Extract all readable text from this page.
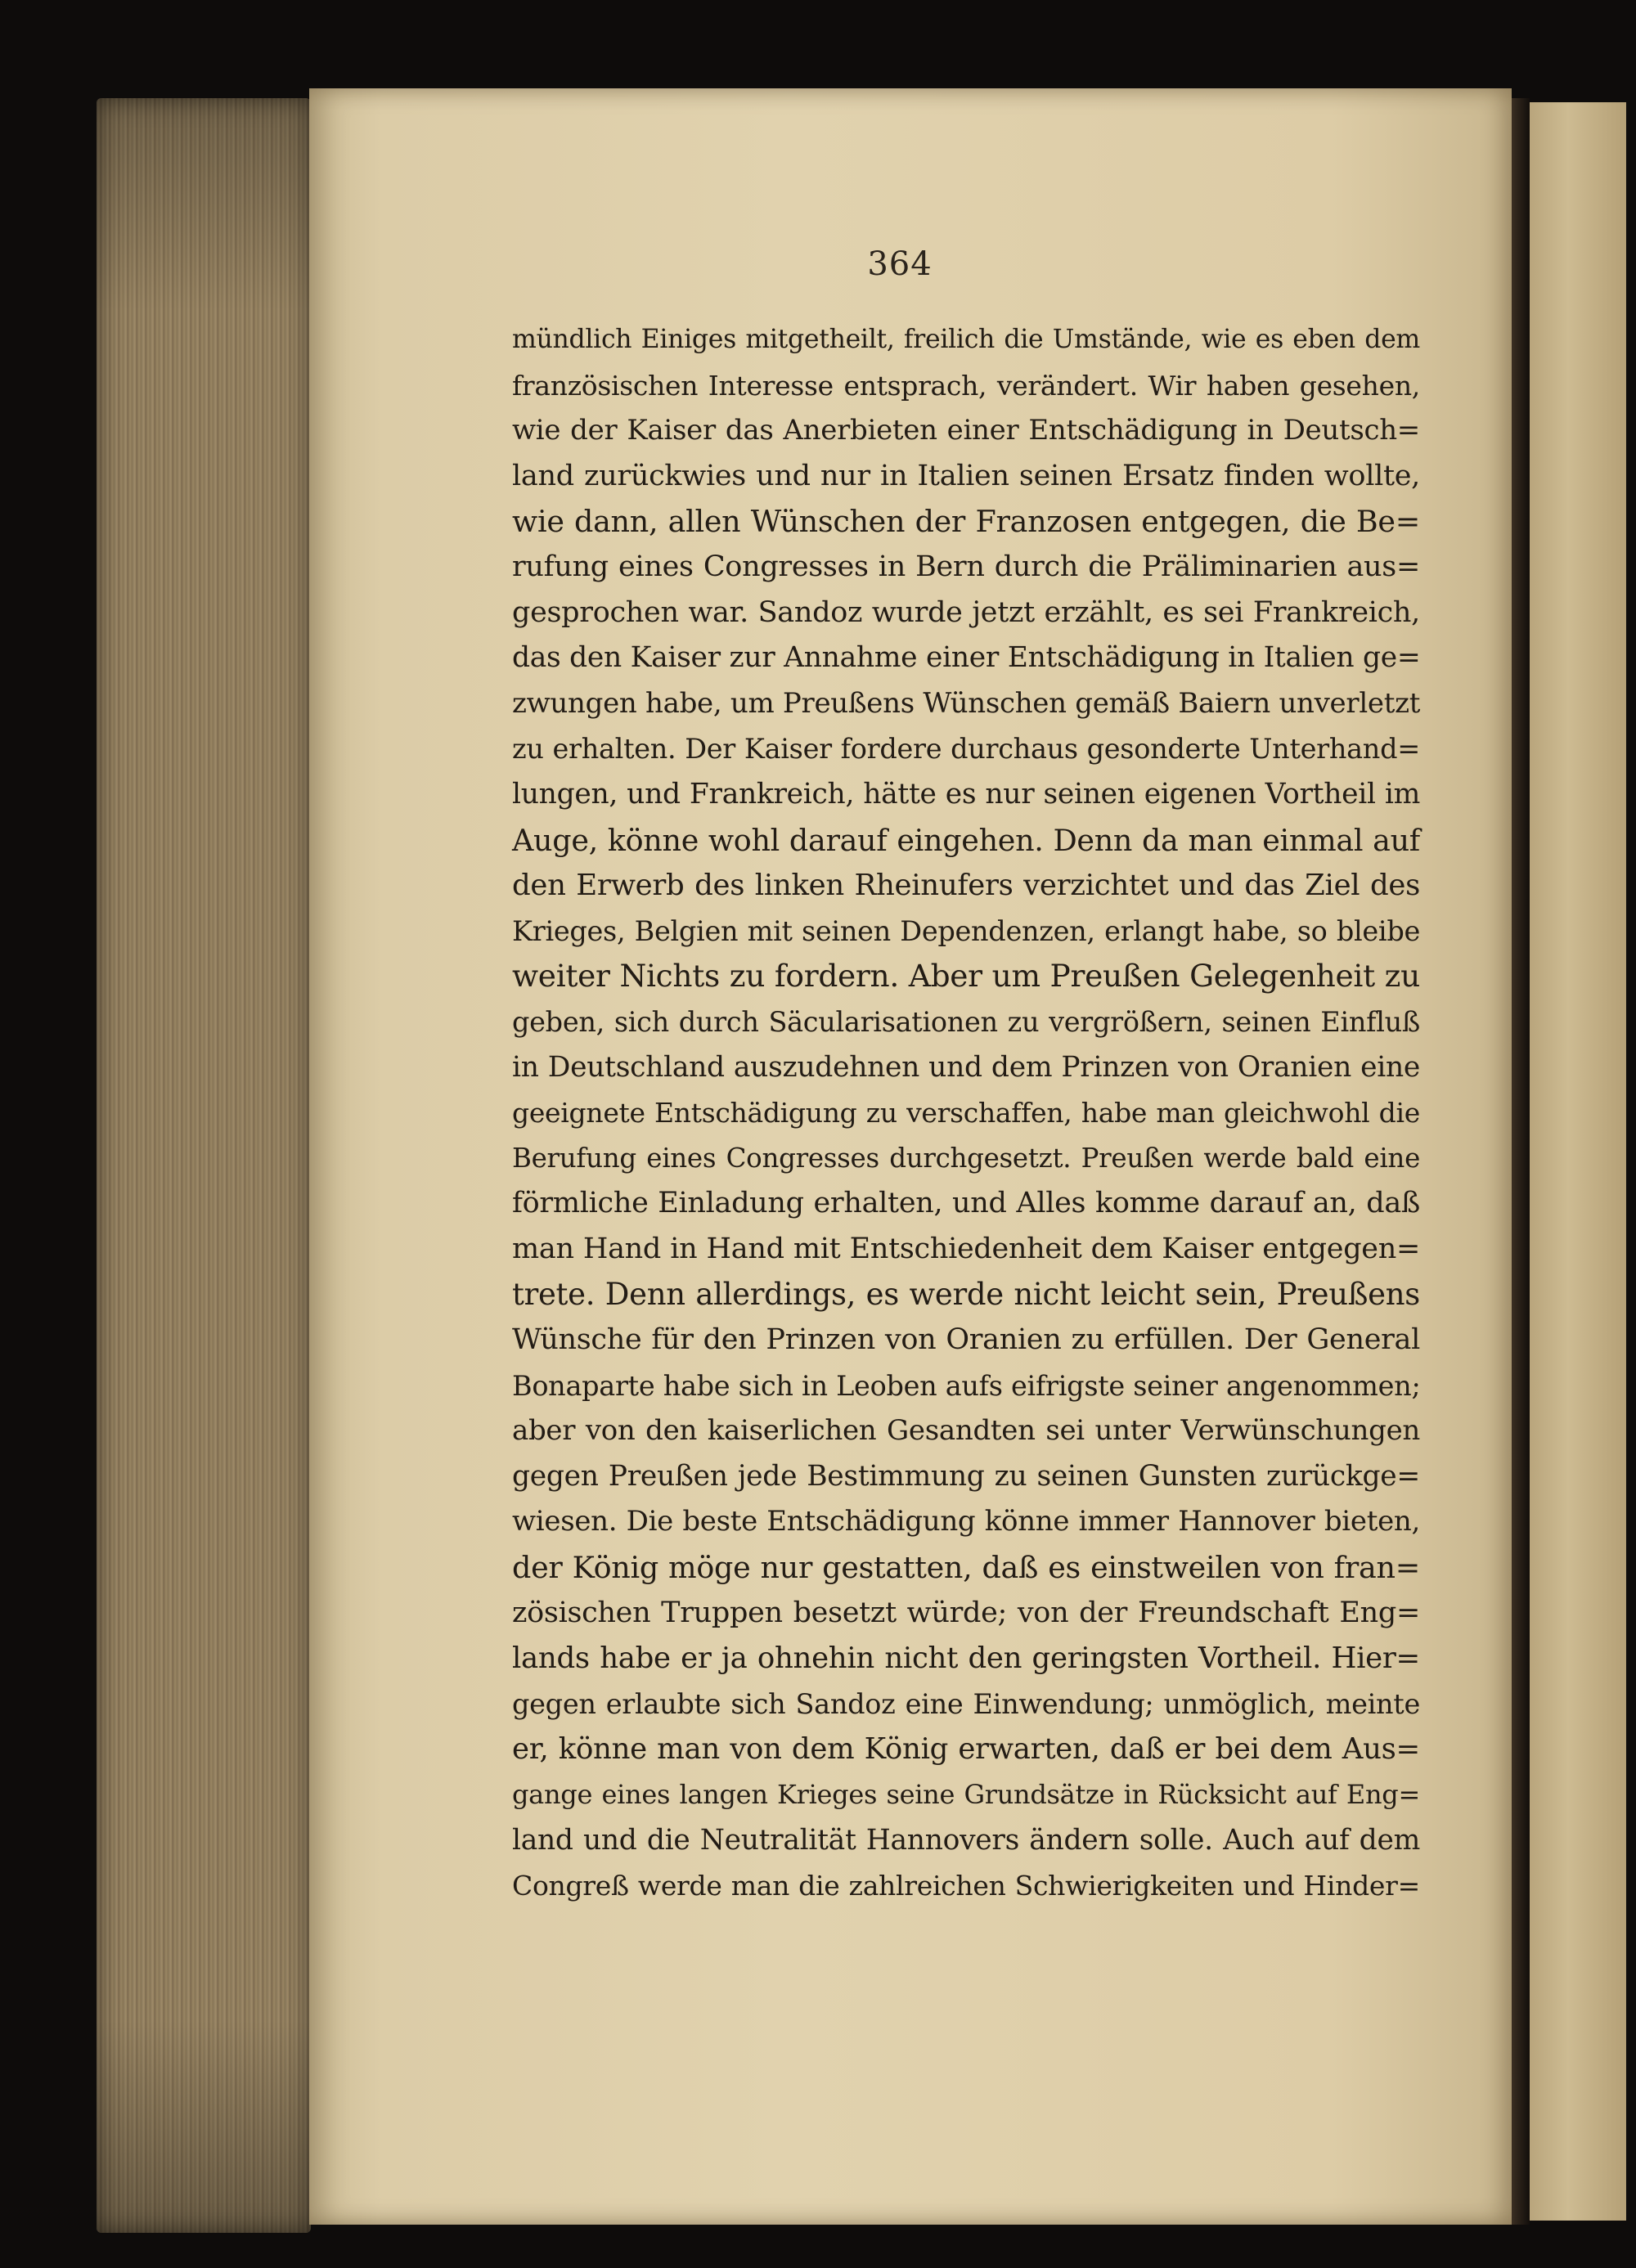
364
mündlich Einiges mitgetheilt, freilich die Umstände, wie es eben dem
französischen Interesse entsprach, verändert. Wir haben gesehen,
wie der Kaiser das Anerbieten einer Entschädigung in Deutsch=
land zurückwies und nur in Italien seinen Ersatz finden wollte,
wie dann, allen Wünschen der Franzosen entgegen, die Be=
rufung eines Congresses in Bern durch die Präliminarien aus=
gesprochen war. Sandoz wurde jetzt erzählt, es sei Frankreich,
das den Kaiser zur Annahme einer Entschädigung in Italien ge=
zwungen habe, um Preußens Wünschen gemäß Baiern unverletzt
zu erhalten. Der Kaiser fordere durchaus gesonderte Unterhand=
lungen, und Frankreich, hätte es nur seinen eigenen Vortheil im
Auge, könne wohl darauf eingehen. Denn da man einmal auf
den Erwerb des linken Rheinufers verzichtet und das Ziel des
Krieges, Belgien mit seinen Dependenzen, erlangt habe, so bleibe
weiter Nichts zu fordern. Aber um Preußen Gelegenheit zu
geben, sich durch Säcularisationen zu vergrößern, seinen Einfluß
in Deutschland auszudehnen und dem Prinzen von Oranien eine
geeignete Entschädigung zu verschaffen, habe man gleichwohl die
Berufung eines Congresses durchgesetzt. Preußen werde bald eine
förmliche Einladung erhalten, und Alles komme darauf an, daß
man Hand in Hand mit Entschiedenheit dem Kaiser entgegen=
trete. Denn allerdings, es werde nicht leicht sein, Preußens
Wünsche für den Prinzen von Oranien zu erfüllen. Der General
Bonaparte habe sich in Leoben aufs eifrigste seiner angenommen;
aber von den kaiserlichen Gesandten sei unter Verwünschungen
gegen Preußen jede Bestimmung zu seinen Gunsten zurückge=
wiesen. Die beste Entschädigung könne immer Hannover bieten,
der König möge nur gestatten, daß es einstweilen von fran=
zösischen Truppen besetzt würde; von der Freundschaft Eng=
lands habe er ja ohnehin nicht den geringsten Vortheil. Hier=
gegen erlaubte sich Sandoz eine Einwendung; unmöglich, meinte
er, könne man von dem König erwarten, daß er bei dem Aus=
gange eines langen Krieges seine Grundsätze in Rücksicht auf Eng=
land und die Neutralität Hannovers ändern solle. Auch auf dem
Congreß werde man die zahlreichen Schwierigkeiten und Hinder=
